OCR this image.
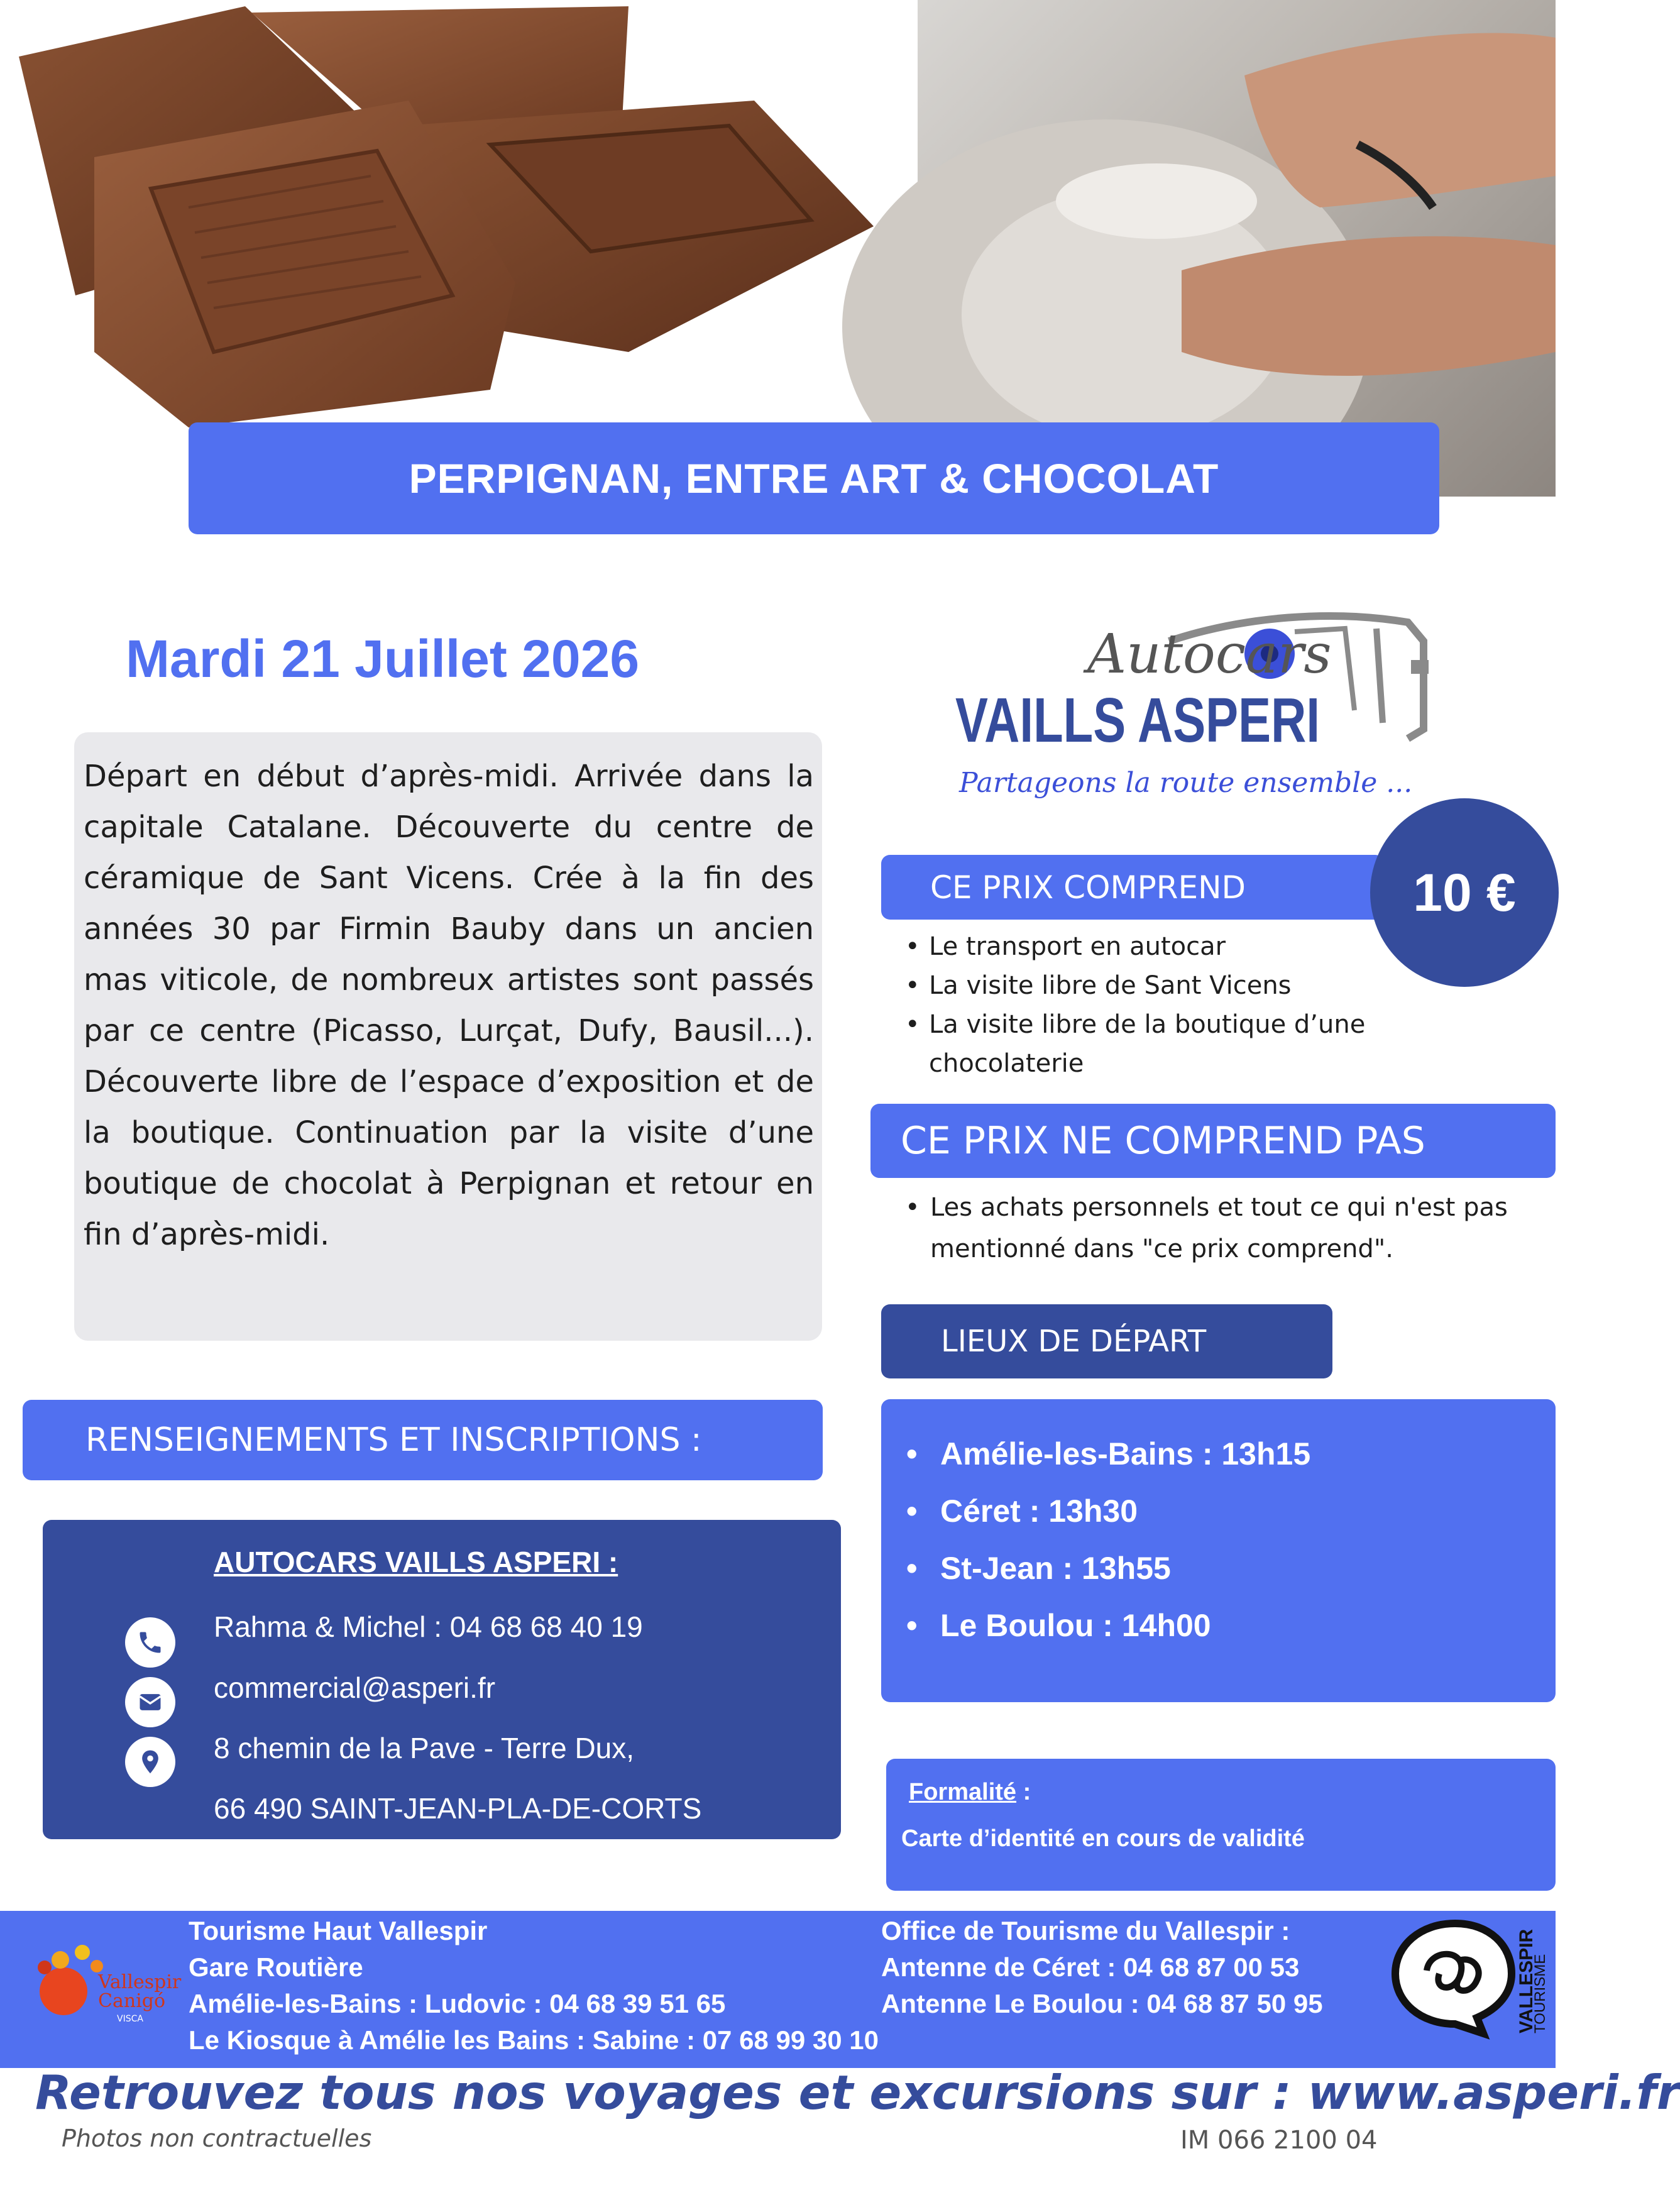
PERPIGNAN, ENTRE ART & CHOCOLAT
Mardi 21 Juillet 2026
Départ en début d’après-midi. Arrivée dans la capitale Catalane. Découverte du centre de céramique de Sant Vicens. Crée à la fin des années 30 par Firmin Bauby dans un ancien mas viticole, de nombreux artistes sont passés par ce centre (Picasso, Lurçat, Dufy, Bausil...). Découverte libre de l’espace d’exposition et de la boutique. Continuation par la visite d’une boutique de chocolat à Perpignan et retour en fin d’après-midi.
Autocars
VAILLS ASPERI
Partageons la route ensemble ...
CE PRIX COMPREND	10 €
• Le transport en autocar
• La visite libre de Sant Vicens
• La visite libre de la boutique d’une chocolaterie
CE PRIX NE COMPREND PAS
• Les achats personnels et tout ce qui n'est pas mentionné dans "ce prix comprend".
LIEUX DE DÉPART
• Amélie-les-Bains : 13h15
• Céret : 13h30
• St-Jean : 13h55
• Le Boulou : 14h00
Formalité :
Carte d’identité en cours de validité
RENSEIGNEMENTS ET INSCRIPTIONS :
AUTOCARS VAILLS ASPERI :
Rahma & Michel : 04 68 68 40 19
commercial@asperi.fr
8 chemin de la Pave - Terre Dux,
66 490 SAINT-JEAN-PLA-DE-CORTS
Tourisme Haut Vallespir
Gare Routière
Amélie-les-Bains : Ludovic : 04 68 39 51 65
Le Kiosque à Amélie les Bains : Sabine : 07 68 99 30 10
Office de Tourisme du Vallespir :
Antenne de Céret : 04 68 87 00 53
Antenne Le Boulou : 04 68 87 50 95
Vallespir
Canigó
VISCA	VALLESPIR
TOURISME
Retrouvez tous nos voyages et excursions sur : www.asperi.fr
Photos non contractuelles	IM 066 2100 04
